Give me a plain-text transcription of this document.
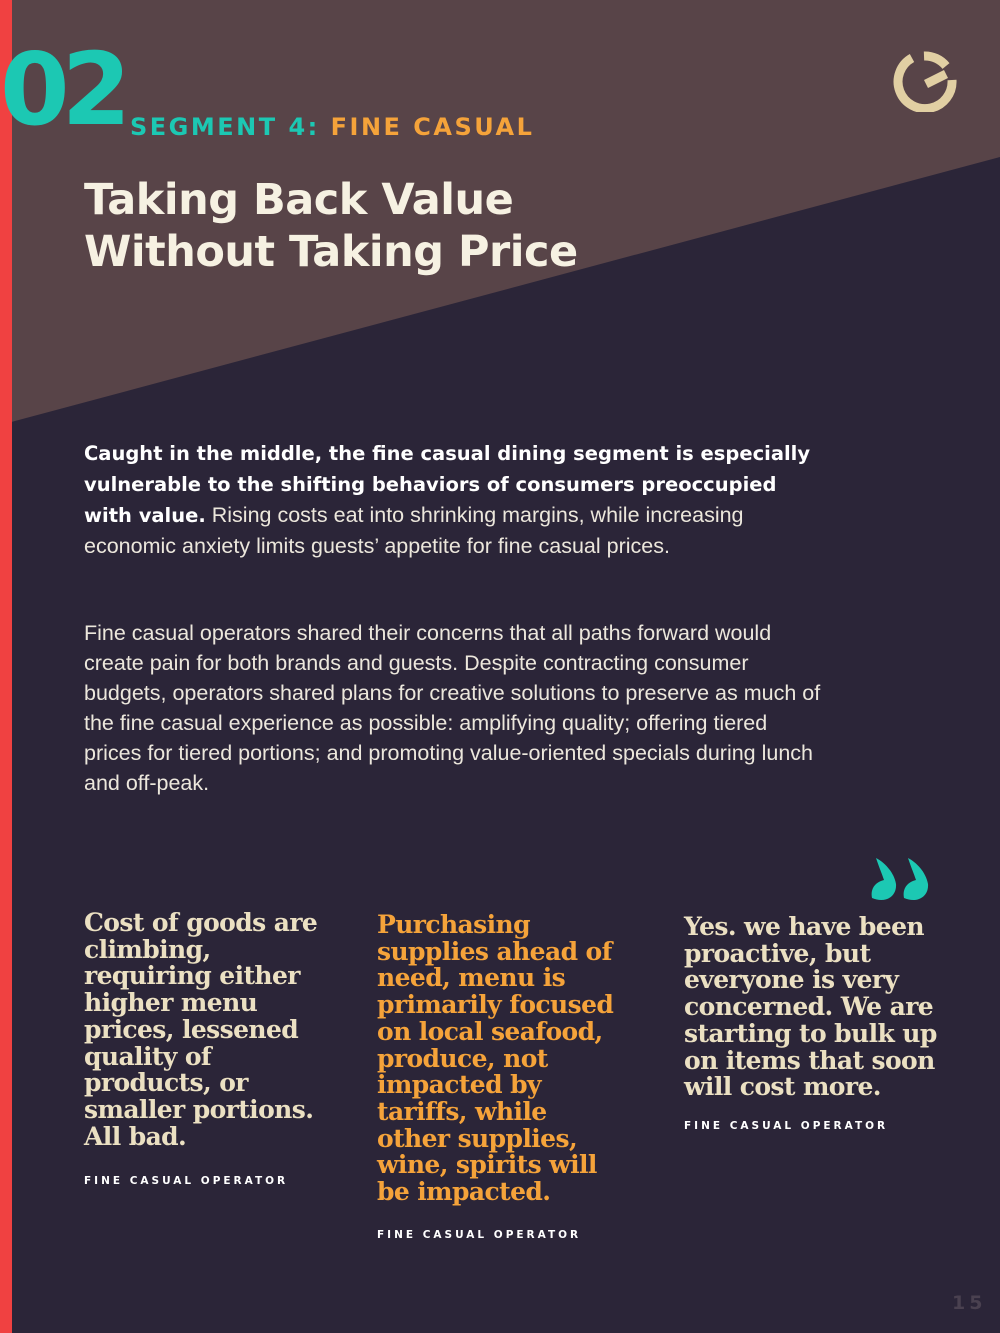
02 SEGMENT 4: FINE CASUAL
Taking Back Value Without Taking Price

Caught in the middle, the fine casual dining segment is especially vulnerable to the shifting behaviors of consumers preoccupied with value. Rising costs eat into shrinking margins, while increasing economic anxiety limits guests’ appetite for fine casual prices.

Fine casual operators shared their concerns that all paths forward would create pain for both brands and guests. Despite contracting consumer budgets, operators shared plans for creative solutions to preserve as much of the fine casual experience as possible: amplifying quality; offering tiered prices for tiered portions; and promoting value-oriented specials during lunch and off-peak.

Cost of goods are climbing, requiring either higher menu prices, lessened quality of products, or smaller portions. All bad.

FINE CASUAL OPERATOR

Purchasing supplies ahead of need, menu is primarily focused on local seafood, produce, not impacted by tariffs, while other supplies, wine, spirits will be impacted.

FINE CASUAL OPERATOR

Yes. we have been proactive, but everyone is very concerned. We are starting to bulk up on items that soon will cost more.

FINE CASUAL OPERATOR
15
